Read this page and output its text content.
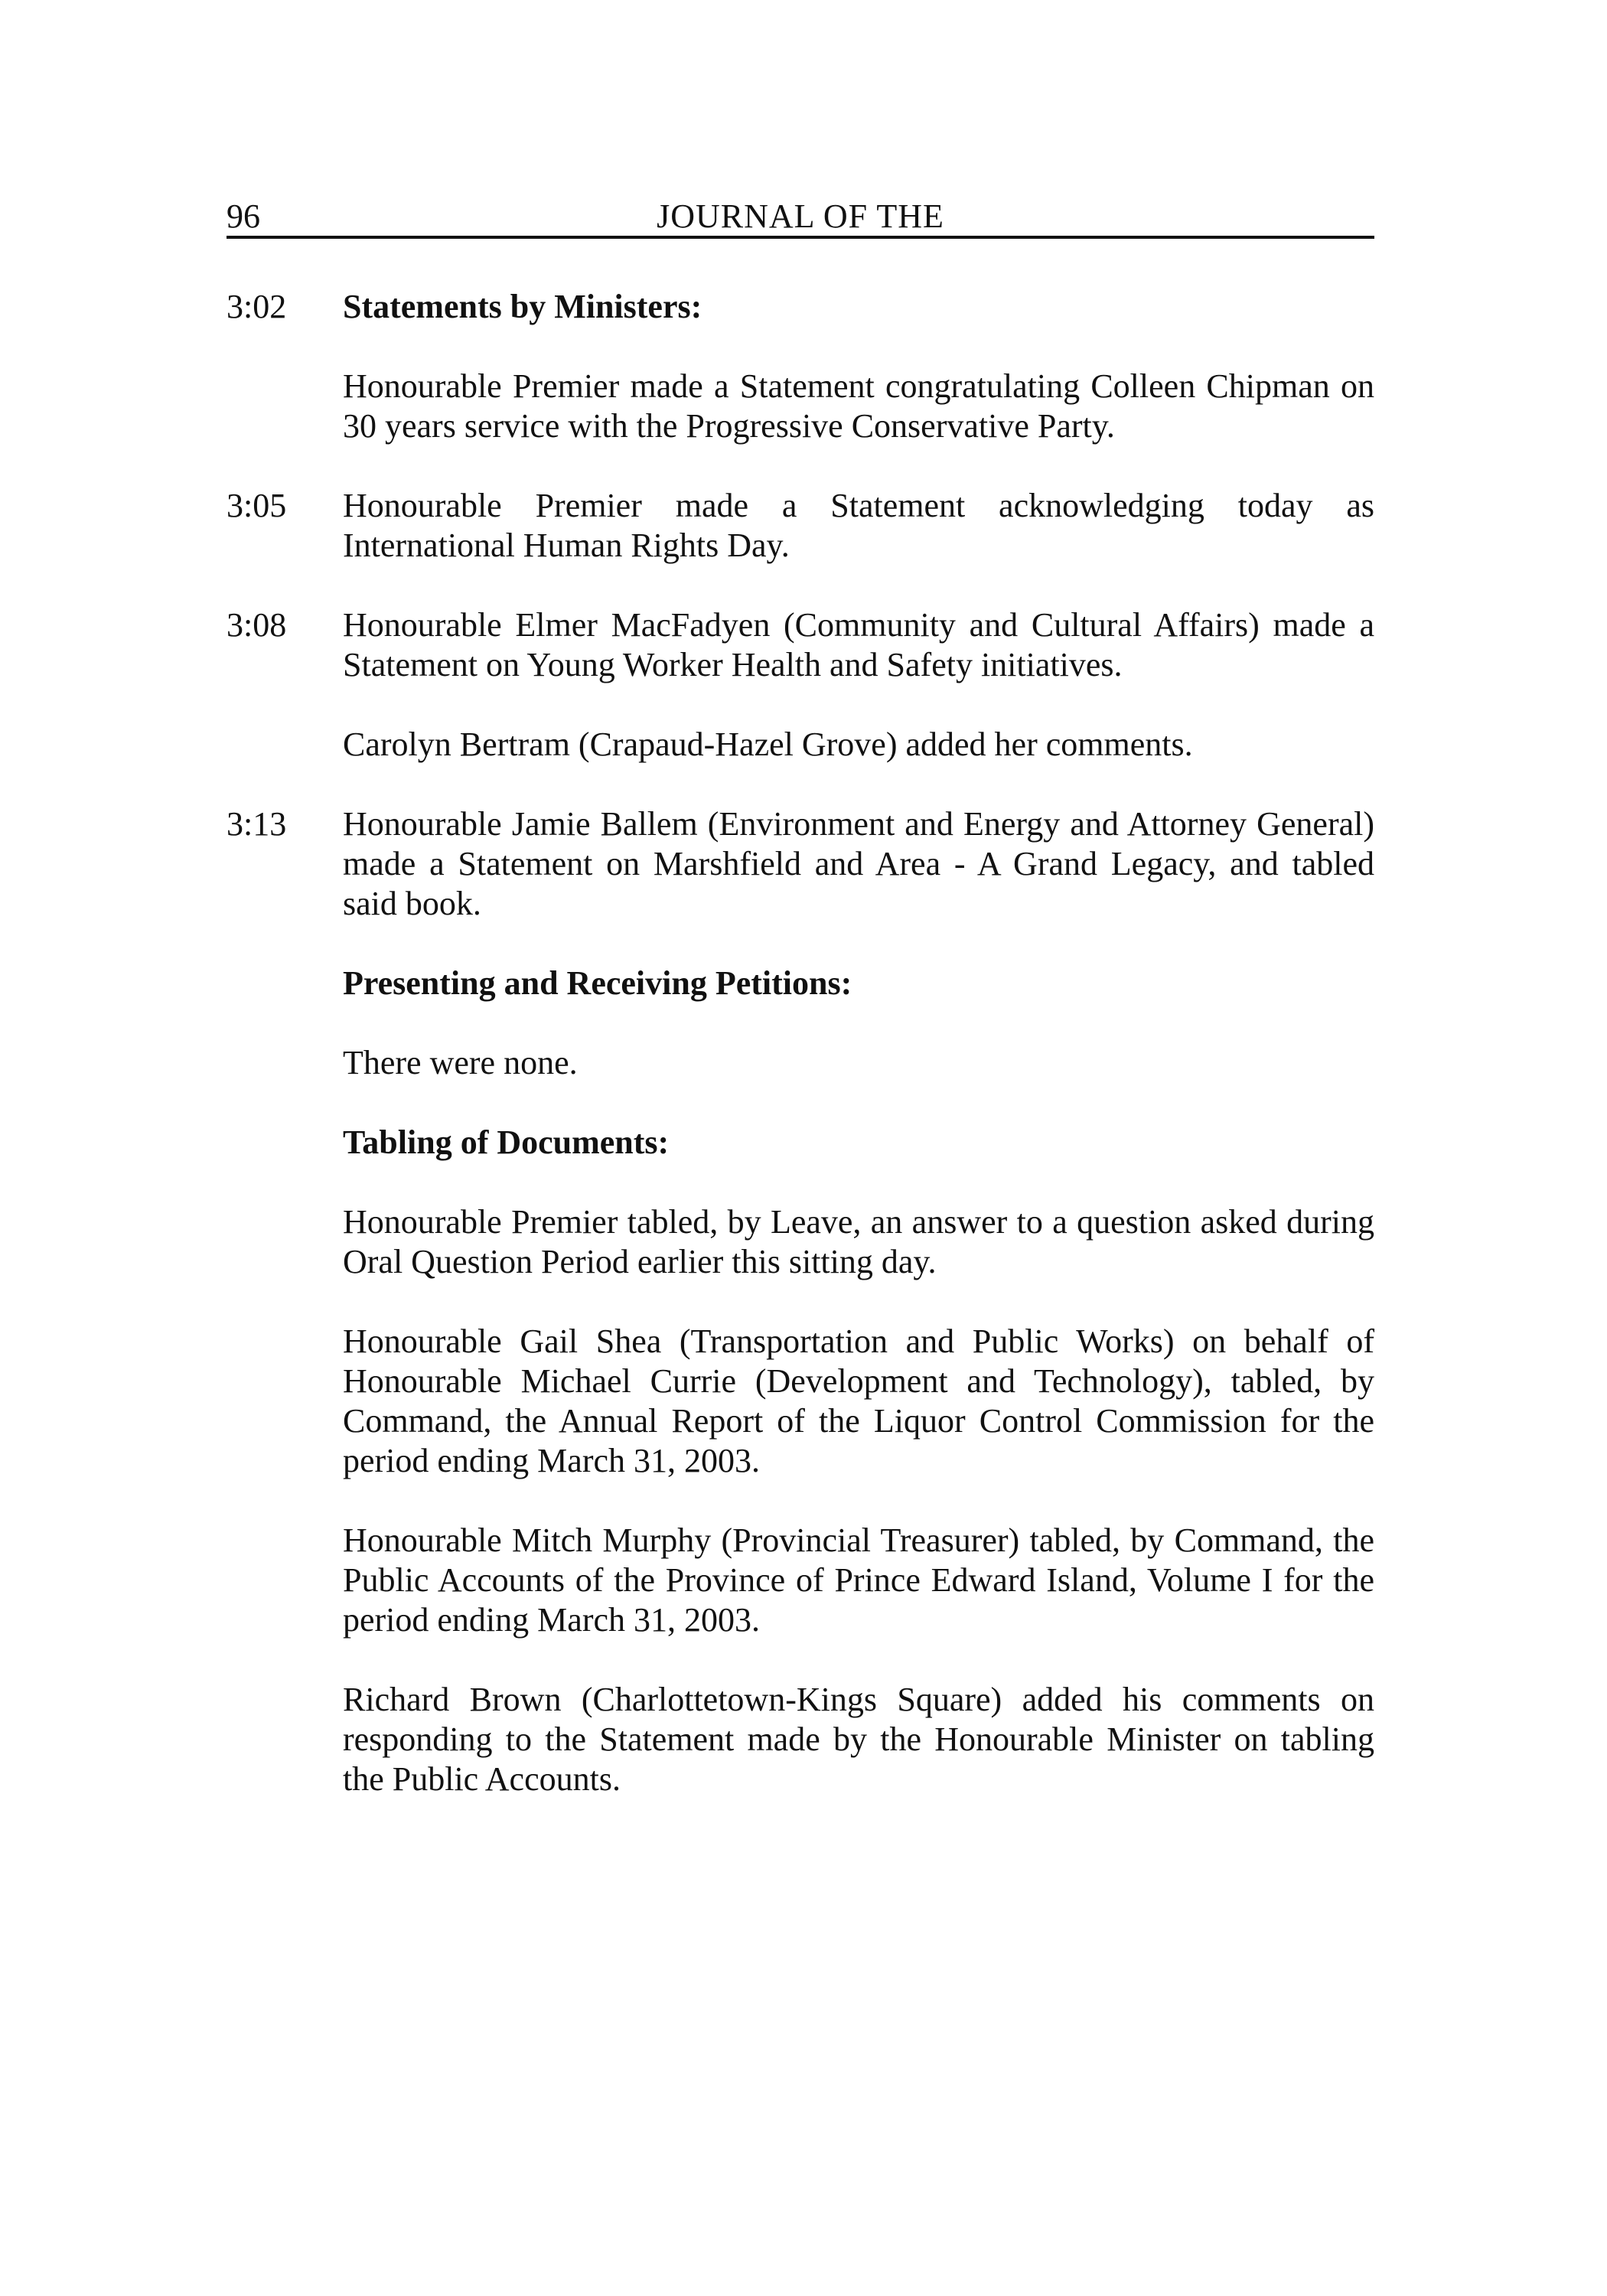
96	JOURNAL OF THE
3:02 Statements by Ministers:
Honourable Premier made a Statement congratulating Colleen Chipman on 30 years service with the Progressive Conservative Party.
3:05 Honourable Premier made a Statement acknowledging today as International Human Rights Day.
3:08 Honourable Elmer MacFadyen (Community and Cultural Affairs) made a Statement on Young Worker Health and Safety initiatives.
Carolyn Bertram (Crapaud-Hazel Grove) added her comments.
3:13 Honourable Jamie Ballem (Environment and Energy and Attorney General) made a Statement on Marshfield and Area - A Grand Legacy, and tabled said book.
Presenting and Receiving Petitions:
There were none.
Tabling of Documents:
Honourable Premier tabled, by Leave, an answer to a question asked during Oral Question Period earlier this sitting day.
Honourable Gail Shea (Transportation and Public Works) on behalf of Honourable Michael Currie (Development and Technology), tabled, by Command, the Annual Report of the Liquor Control Commission for the period ending March 31, 2003.
Honourable Mitch Murphy (Provincial Treasurer) tabled, by Command, the Public Accounts of the Province of Prince Edward Island, Volume I for the period ending March 31, 2003.
Richard Brown (Charlottetown-Kings Square) added his comments on responding to the Statement made by the Honourable Minister on tabling the Public Accounts.
